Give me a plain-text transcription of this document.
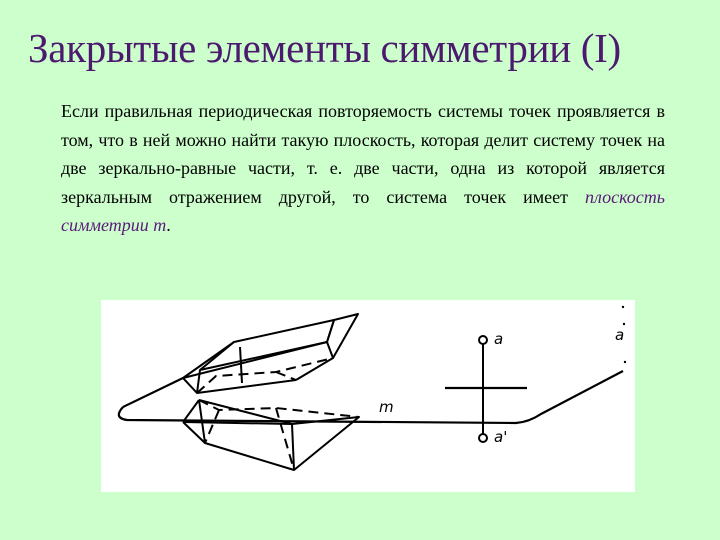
Закрытые элементы симметрии (I)
Если правильная периодическая повторяемость системы точек проявляется в том, что в ней можно найти такую плоскость, которая делит систему точек на две зеркально-равные части, т. е. две части, одна из которой является зеркальным отражением другой, то система точек имеет плоскость симметрии m.
m
a
a'
a
